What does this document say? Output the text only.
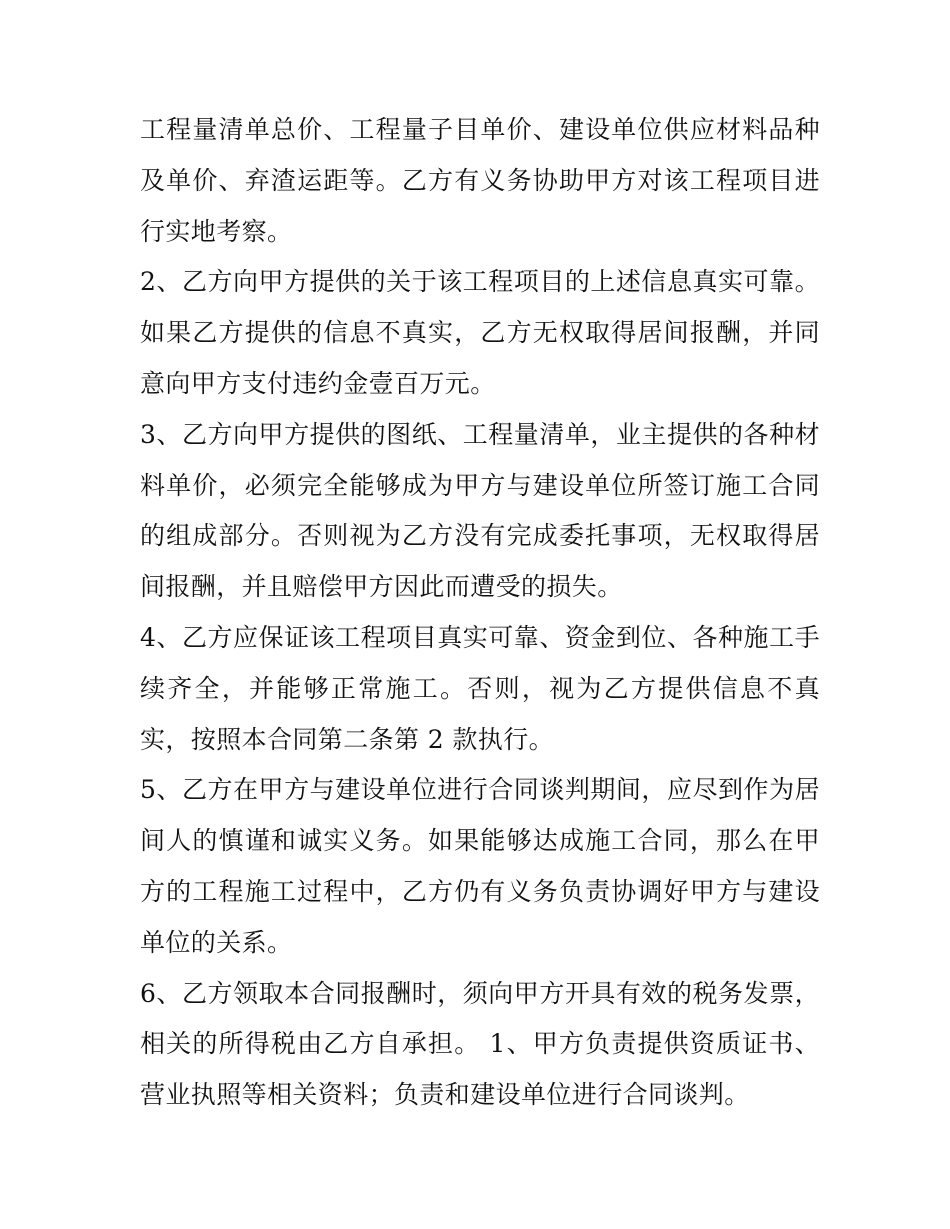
工程量清单总价、工程量子目单价、建设单位供应材料品种及单价、弃渣运距等。乙方有义务协助甲方对该工程项目进行实地考察。

2、乙方向甲方提供的关于该工程项目的上述信息真实可靠。如果乙方提供的信息不真实，乙方无权取得居间报酬，并同意向甲方支付违约金壹百万元。

3、乙方向甲方提供的图纸、工程量清单，业主提供的各种材料单价，必须完全能够成为甲方与建设单位所签订施工合同的组成部分。否则视为乙方没有完成委托事项，无权取得居间报酬，并且赔偿甲方因此而遭受的损失。

4、乙方应保证该工程项目真实可靠、资金到位、各种施工手续齐全，并能够正常施工。否则，视为乙方提供信息不真实，按照本合同第二条第 2 款执行。

5、乙方在甲方与建设单位进行合同谈判期间，应尽到作为居间人的慎谨和诚实义务。如果能够达成施工合同，那么在甲方的工程施工过程中，乙方仍有义务负责协调好甲方与建设单位的关系。

6、乙方领取本合同报酬时，须向甲方开具有效的税务发票，相关的所得税由乙方自承担。 1、甲方负责提供资质证书、营业执照等相关资料；负责和建设单位进行合同谈判。
